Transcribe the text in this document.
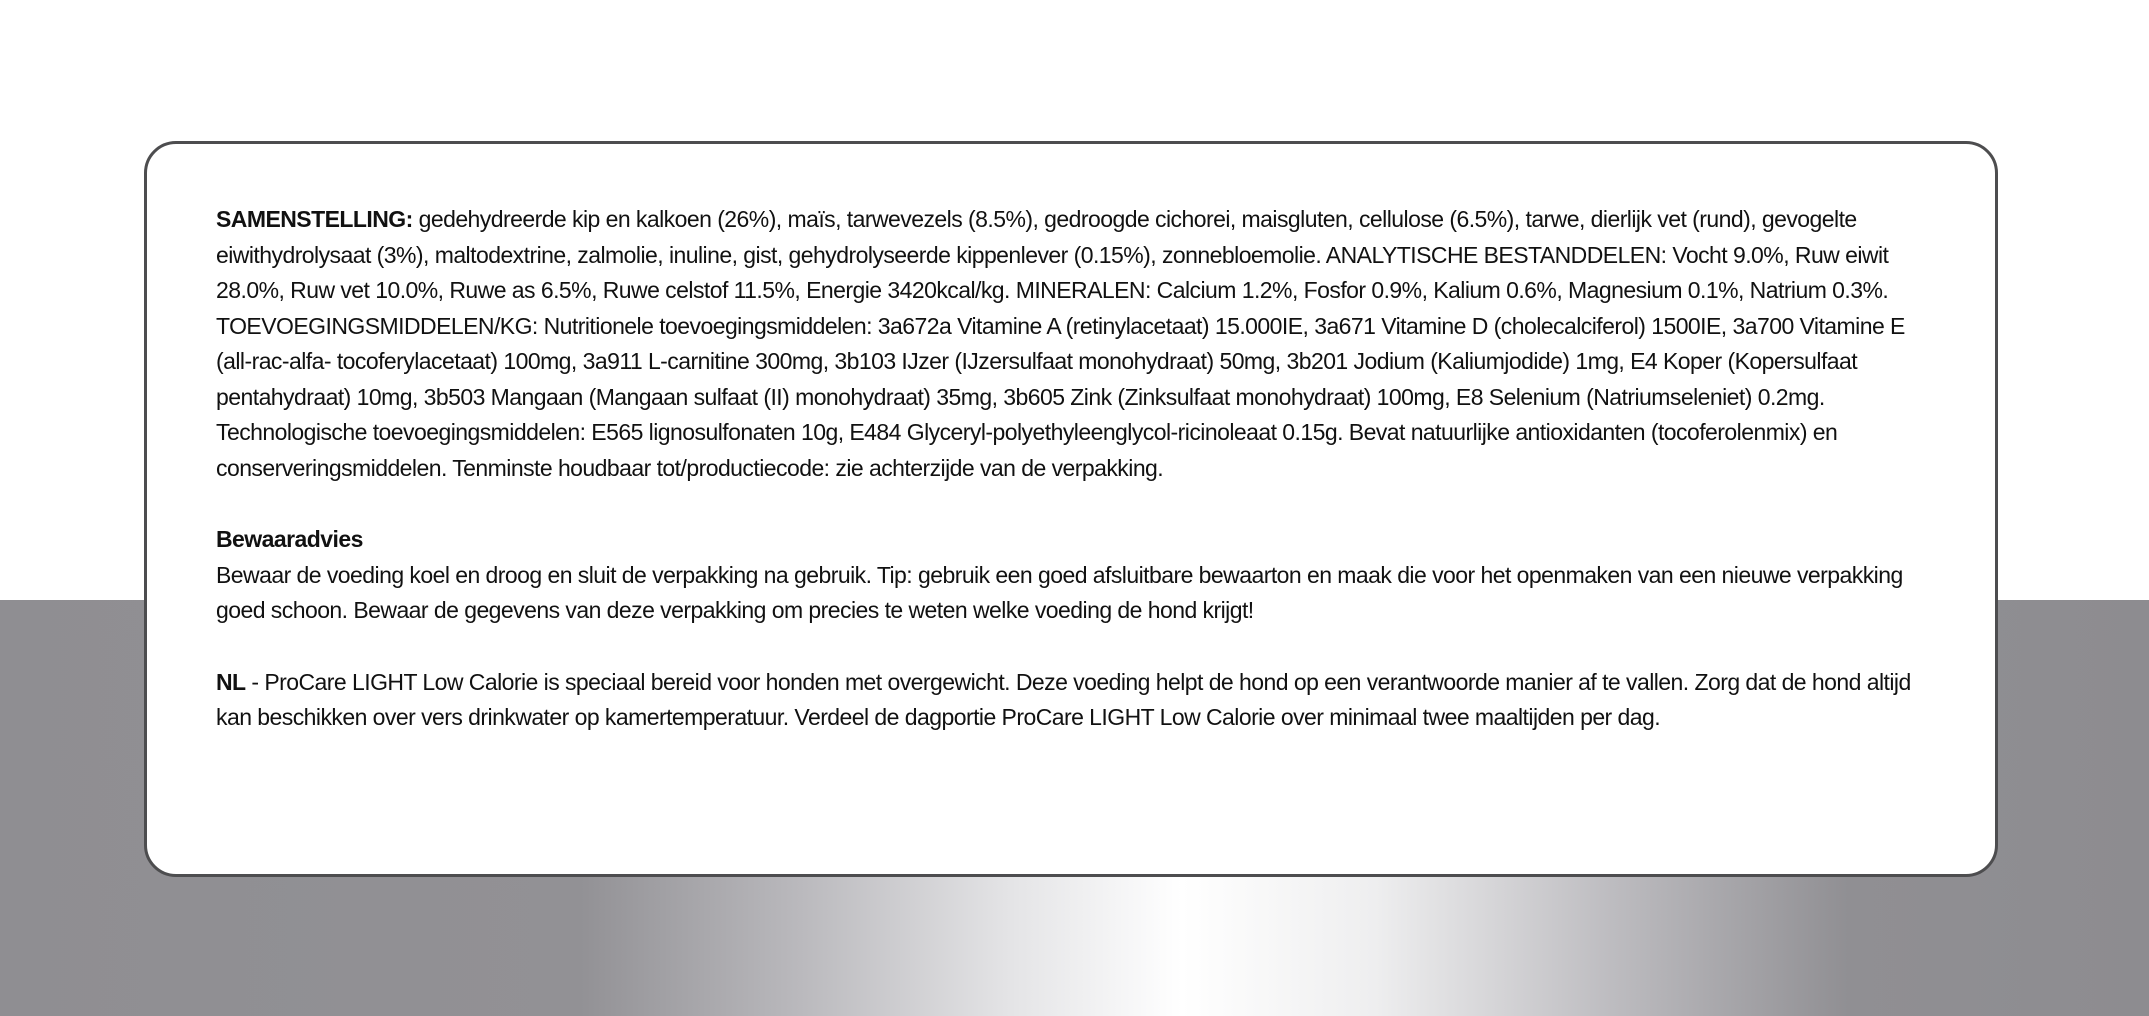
SAMENSTELLING: gedehydreerde kip en kalkoen (26%), maïs, tarwevezels (8.5%), gedroogde cichorei, maisgluten, cellulose (6.5%), tarwe, dierlijk vet (rund), gevogelte eiwithydrolysaat (3%), maltodextrine, zalmolie, inuline, gist, gehydrolyseerde kippenlever (0.15%), zonnebloemolie. ANALYTISCHE BESTANDDELEN: Vocht 9.0%, Ruw eiwit 28.0%, Ruw vet 10.0%, Ruwe as 6.5%, Ruwe celstof 11.5%, Energie 3420kcal/kg. MINERALEN: Calcium 1.2%, Fosfor 0.9%, Kalium 0.6%, Magnesium 0.1%, Natrium 0.3%. TOEVOEGINGSMIDDELEN/KG: Nutritionele toevoegingsmiddelen: 3a672a Vitamine A (retinylacetaat) 15.000IE, 3a671 Vitamine D (cholecalciferol) 1500IE, 3a700 Vitamine E (all-rac-alfa- tocoferylacetaat) 100mg, 3a911 L-carnitine 300mg, 3b103 IJzer (IJzersulfaat monohydraat) 50mg, 3b201 Jodium (Kaliumjodide) 1mg, E4 Koper (Kopersulfaat pentahydraat) 10mg, 3b503 Mangaan (Mangaan sulfaat (II) monohydraat) 35mg, 3b605 Zink (Zinksulfaat monohydraat) 100mg, E8 Selenium (Natriumseleniet) 0.2mg. Technologische toevoegingsmiddelen: E565 lignosulfonaten 10g, E484 Glyceryl-polyethyleenglycol-ricinoleaat 0.15g. Bevat natuurlijke antioxidanten (tocoferolenmix) en conserveringsmiddelen. Tenminste houdbaar tot/productiecode: zie achterzijde van de verpakking.

Bewaaradvies

Bewaar de voeding koel en droog en sluit de verpakking na gebruik. Tip: gebruik een goed afsluitbare bewaarton en maak die voor het openmaken van een nieuwe verpakking goed schoon. Bewaar de gegevens van deze verpakking om precies te weten welke voeding de hond krijgt!

NL - ProCare LIGHT Low Calorie is speciaal bereid voor honden met overgewicht. Deze voeding helpt de hond op een verantwoorde manier af te vallen. Zorg dat de hond altijd kan beschikken over vers drinkwater op kamertemperatuur. Verdeel de dagportie ProCare LIGHT Low Calorie over minimaal twee maaltijden per dag.
